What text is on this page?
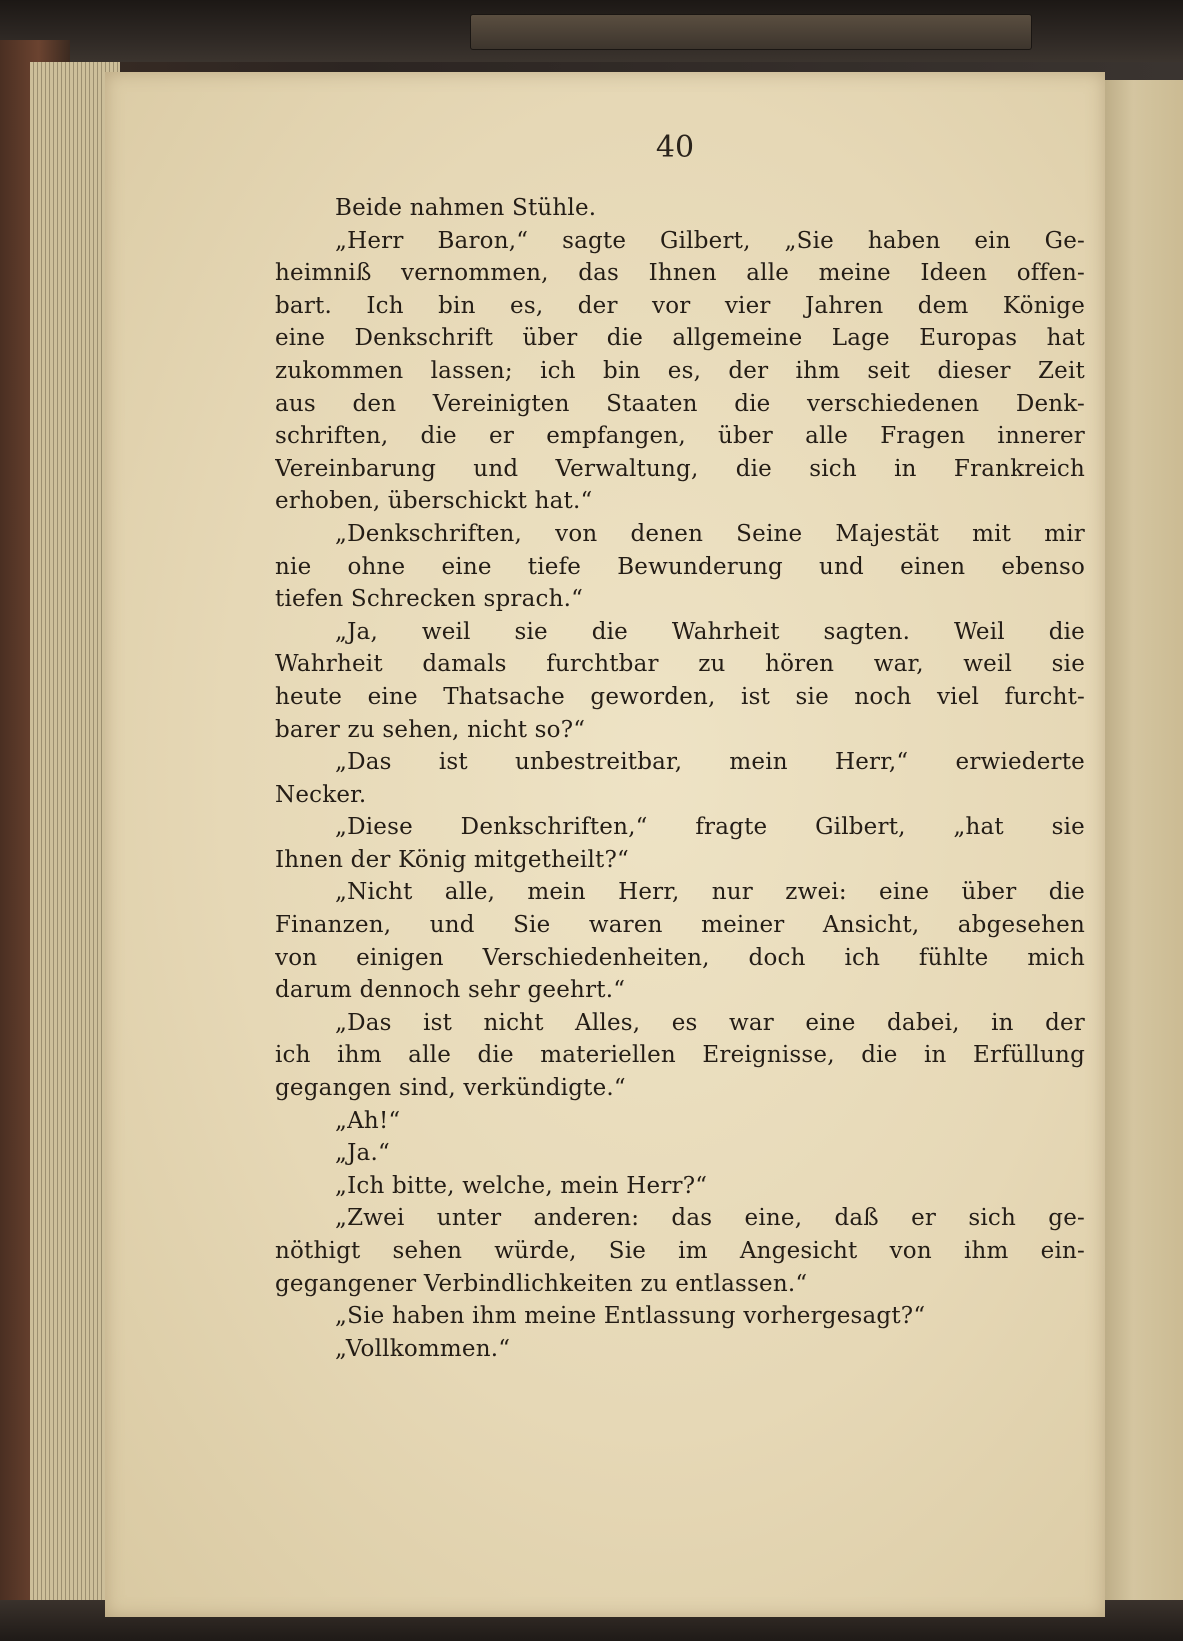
40
Beide nahmen Stühle.
„Herr Baron,“ sagte Gilbert, „Sie haben ein Ge-
heimniß vernommen, das Ihnen alle meine Ideen offen-
bart. Ich bin es, der vor vier Jahren dem Könige
eine Denkschrift über die allgemeine Lage Europas hat
zukommen lassen; ich bin es, der ihm seit dieser Zeit
aus den Vereinigten Staaten die verschiedenen Denk-
schriften, die er empfangen, über alle Fragen innerer
Vereinbarung und Verwaltung, die sich in Frankreich
erhoben, überschickt hat.“
„Denkschriften, von denen Seine Majestät mit mir
nie ohne eine tiefe Bewunderung und einen ebenso
tiefen Schrecken sprach.“
„Ja, weil sie die Wahrheit sagten. Weil die
Wahrheit damals furchtbar zu hören war, weil sie
heute eine Thatsache geworden, ist sie noch viel furcht-
barer zu sehen, nicht so?“
„Das ist unbestreitbar, mein Herr,“ erwiederte
Necker.
„Diese Denkschriften,“ fragte Gilbert, „hat sie
Ihnen der König mitgetheilt?“
„Nicht alle, mein Herr, nur zwei: eine über die
Finanzen, und Sie waren meiner Ansicht, abgesehen
von einigen Verschiedenheiten, doch ich fühlte mich
darum dennoch sehr geehrt.“
„Das ist nicht Alles, es war eine dabei, in der
ich ihm alle die materiellen Ereignisse, die in Erfüllung
gegangen sind, verkündigte.“
„Ah!“
„Ja.“
„Ich bitte, welche, mein Herr?“
„Zwei unter anderen: das eine, daß er sich ge-
nöthigt sehen würde, Sie im Angesicht von ihm ein-
gegangener Verbindlichkeiten zu entlassen.“
„Sie haben ihm meine Entlassung vorhergesagt?“
„Vollkommen.“
